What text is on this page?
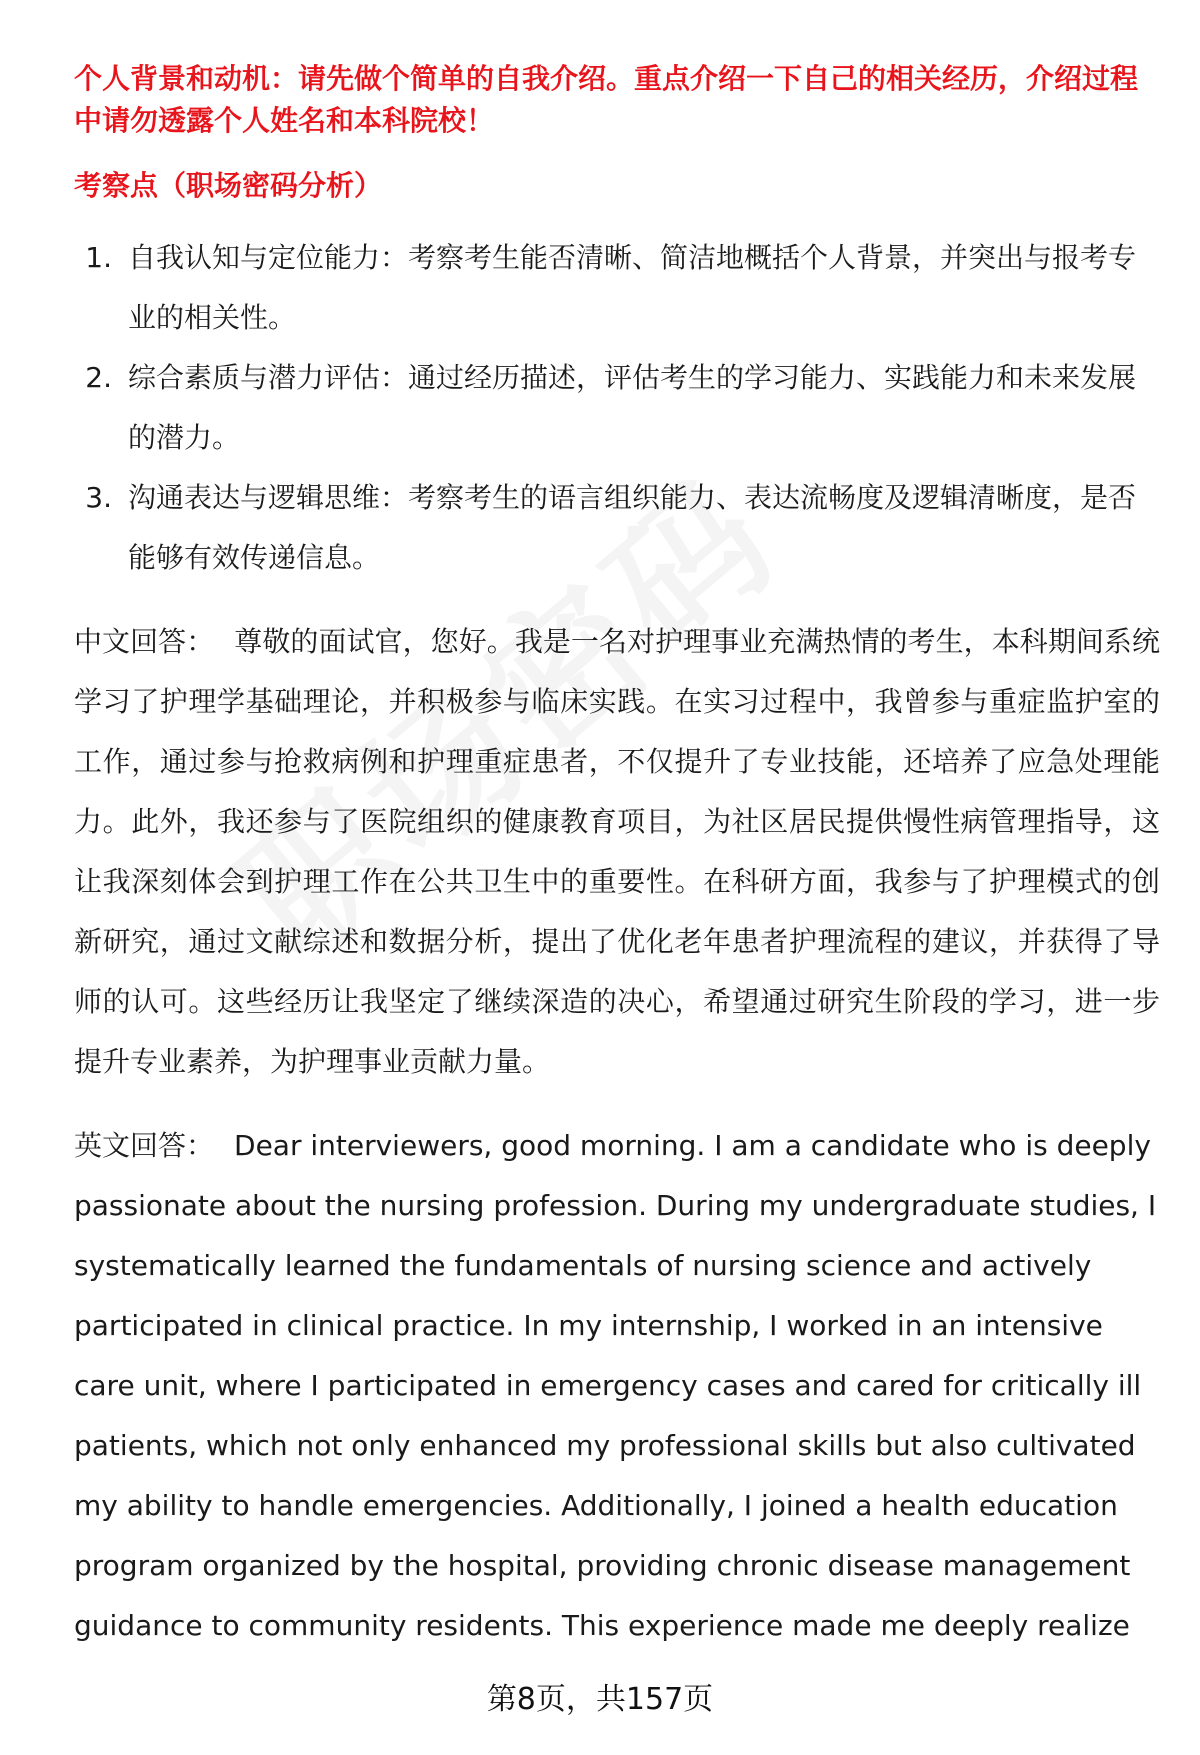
个人背景和动机：请先做个简单的自我介绍。重点介绍一下自己的相关经历，介绍过程中请勿透露个人姓名和本科院校！

考察点（职场密码分析）
1. 自我认知与定位能力：考察考生能否清晰、简洁地概括个人背景，并突出与报考专业的相关性。
2. 综合素质与潜力评估：通过经历描述，评估考生的学习能力、实践能力和未来发展的潜力。
3. 沟通表达与逻辑思维：考察考生的语言组织能力、表达流畅度及逻辑清晰度，是否能够有效传递信息。

中文回答： 尊敬的面试官，您好。我是一名对护理事业充满热情的考生，本科期间系统学习了护理学基础理论，并积极参与临床实践。在实习过程中，我曾参与重症监护室的工作，通过参与抢救病例和护理重症患者，不仅提升了专业技能，还培养了应急处理能力。此外，我还参与了医院组织的健康教育项目，为社区居民提供慢性病管理指导，这让我深刻体会到护理工作在公共卫生中的重要性。在科研方面，我参与了护理模式的创新研究，通过文献综述和数据分析，提出了优化老年患者护理流程的建议，并获得了导师的认可。这些经历让我坚定了继续深造的决心，希望通过研究生阶段的学习，进一步提升专业素养，为护理事业贡献力量。

英文回答： Dear interviewers, good morning. I am a candidate who is deeply passionate about the nursing profession. During my undergraduate studies, I systematically learned the fundamentals of nursing science and actively participated in clinical practice. In my internship, I worked in an intensive care unit, where I participated in emergency cases and cared for critically ill patients, which not only enhanced my professional skills but also cultivated my ability to handle emergencies. Additionally, I joined a health education program organized by the hospital, providing chronic disease management guidance to community residents. This experience made me deeply realize

第8页，共157页
